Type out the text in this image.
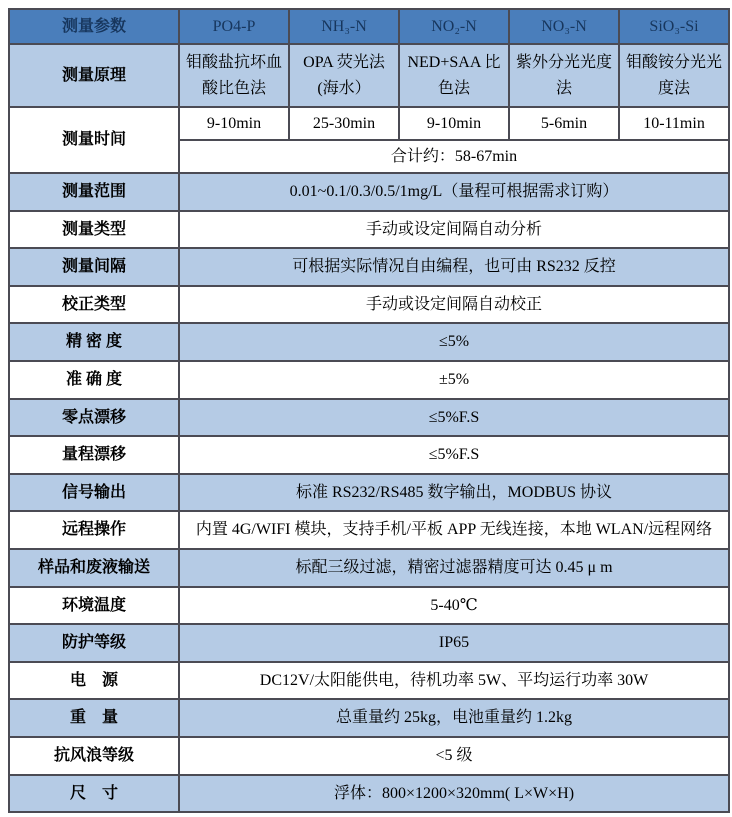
测量参数	PO4-P	NH₃-N	NO₂-N	NO₃-N	SiO₃-Si
测量原理	钼酸盐抗坏血酸比色法	OPA 荧光法(海水）	NED+SAA 比色法	紫外分光光度法	钼酸铵分光光度法
测量时间	9-10min	25-30min	9-10min	5-6min	10-11min
	合计约：58-67min				
测量范围	0.01~0.1/0.3/0.5/1mg/L（量程可根据需求订购）				
测量类型	手动或设定间隔自动分析				
测量间隔	可根据实际情况自由编程，也可由 RS232 反控				
校正类型	手动或设定间隔自动校正				
精 密 度	≤5%				
准 确 度	±5%				
零点漂移	≤5%F.S				
量程漂移	≤5%F.S				
信号输出	标准 RS232/RS485 数字输出，MODBUS 协议				
远程操作	内置 4G/WIFI 模块，支持手机/平板 APP 无线连接，本地 WLAN/远程网络				
样品和废液输送	标配三级过滤，精密过滤器精度可达 0.45 μ m				
环境温度	5-40℃				
防护等级	IP65				
电　源	DC12V/太阳能供电，待机功率 5W、平均运行功率 30W				
重　量	总重量约 25kg，电池重量约 1.2kg				
抗风浪等级	<5 级				
尺　寸	浮体：800×1200×320mm( L×W×H)				
